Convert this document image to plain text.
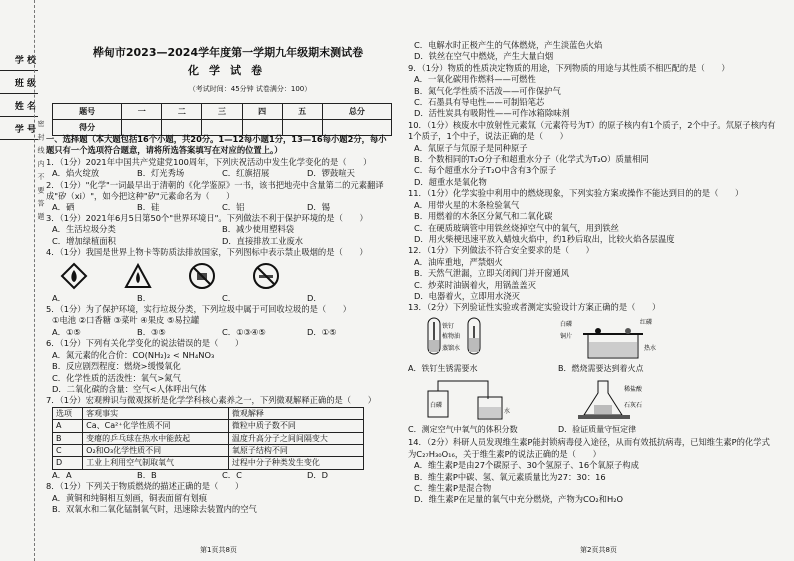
学 校
班 级
姓 名
学 号 密 封 线 内 不 要 答 题
桦甸市2023—2024学年度第一学期九年级期末测试卷
化学试卷
（考试时间：45分钟 试卷满分：100）
题号	一	二	三	四	五	总分
得分						
一、选择题（本大题包括16个小题，共20分。1—12每小题1分，13—16每小题2分，每小题只有一个选项符合题意，请将所选答案填写在对应的位置上。）
1．（1分）2021年中国共产党建党100周年，下列庆祝活动中发生化学变化的是（　　）
A．焰火绽放	B．灯光秀场	C．红旗招展	D．锣鼓喧天
2．（1分）"化学"一词最早出于清朝的《化学鉴原》一书，该书把地壳中含量第二的元素翻译成"矽（xi）"，如今把这种"矽"元素命名为（　　）
A．硒	B．硅	C．铝	D．锡
3．（1分）2021年6月5日第50个"世界环境日"。下列做法不利于保护环境的是（　　）
A．生活垃圾分类	B．减少使用塑料袋
C．增加绿植面积	D．直接排放工业废水
4．（1分）我国是世界上物卡等防质法排放国家，下列图标中表示禁止吸烟的是（　　）
A．	B．	C．	D．
5．（1分）为了保护环境，实行垃圾分类，下列垃圾中属于可回收垃圾的是（　　）
①电池 ②口香糖 ③菜叶 ④果皮 ⑤易拉罐
A．①⑤	B．③⑤	C．①③④⑤	D．①⑤
6．（1分）下列有关化学变化的说法错误的是（　　）
A．氮元素的化合价：CO(NH₂)₂ < NH₄NO₃
B．反应剧烈程度：燃烧>缓慢氧化
C．化学性质的活泼性：氧气>氮气
D．二氧化碳的含量：空气<人体呼出气体
7．（1分）宏观辨识与微观探析是化学学科核心素养之一，下列微观解释正确的是（　　）
选项	客观事实	微观解释
A	Ca、Ca²⁺化学性质不同	微粒中质子数不同
B	变瘪的乒乓球在热水中能鼓起	温度升高分子之间间隔变大
C	O₂和O₃化学性质不同	氧原子结构不同
D	工业上利用空气制取氧气	过程中分子种类发生变化
A．A	B．B	C．C	D．D
8．（1分）下列关于物质燃烧的描述正确的是（　　）
A．黄铜和纯铜相互刻画，铜表面留有划痕
B．双氧水和二氧化锰制氧气时，迅速除去装置内的空气
C．电解水时正极产生的气体燃烧，产生淡蓝色火焰
D．铁丝在空气中燃烧，产生大量白烟
9．（1分）物质的性质决定物质的用途，下列物质的用途与其性质不相匹配的是（　　）
A．一氧化碳用作燃料——可燃性
B．氮气化学性质不活泼——可作保护气
C．石墨具有导电性——可制铅笔芯
D．活性炭具有吸附性——可作冰箱除味剂
10．（1分）核废水中放射性元素氚（元素符号为T）的原子核内有1个质子，2个中子。氘原子核内有1个质子，1个中子，说法正确的是（　　）
A．氚原子与氘原子是同种原子
B．个数相同的T₂O分子和超重水分子（化学式为T₂O）质量相同
C．每个超重水分子T₂O中含有3个原子
D．超重水是氧化物
11．（1分）化学实验中利用中的燃烧现象，下列实验方案或操作不能达到目的的是（　　）
A．用带火星的木条检验氧气
B．用燃着的木条区分氮气和二氧化碳
C．在硬质玻璃管中用铁丝烧掉空气中的氧气，用到铁丝
D．用火柴梗迅速平放入蜡烛火焰中，约1秒后取出，比较火焰各层温度
12．（1分）下列做法不符合安全要求的是（　　）
A．油库重地，严禁烟火
B．天然气泄漏，立即关闭阀门并开窗通风
C．炒菜时油锅着火，用锅盖盖灭
D．电器着火，立即用水浇灭
13．（2分）下列验证性实验或者测定实验设计方案正确的是（　　）
铁钉
植物油
蒸馏水
A．铁钉生锈需要水
红磷
白磷
铜片
热水
B．燃烧需要达到着火点
白磷
水
C．测定空气中氧气的体积分数
稀盐酸
石灰石
D．验证质量守恒定律
14．（2分）科研人员发现维生素P能封锁病毒侵入途径，从而有效抵抗病毒，已知维生素P的化学式为C₂₇H₃₀O₁₆，关于维生素P的说法正确的是（　　）
A．维生素P是由27个碳原子、30个氢原子、16个氧原子构成
B．维生素P中碳、氢、氧元素质量比为27：30：16
C．维生素P是混合物
D．维生素P在足量的氧气中充分燃烧，产物为CO₂和H₂O
第1页共8页	第2页共8页
